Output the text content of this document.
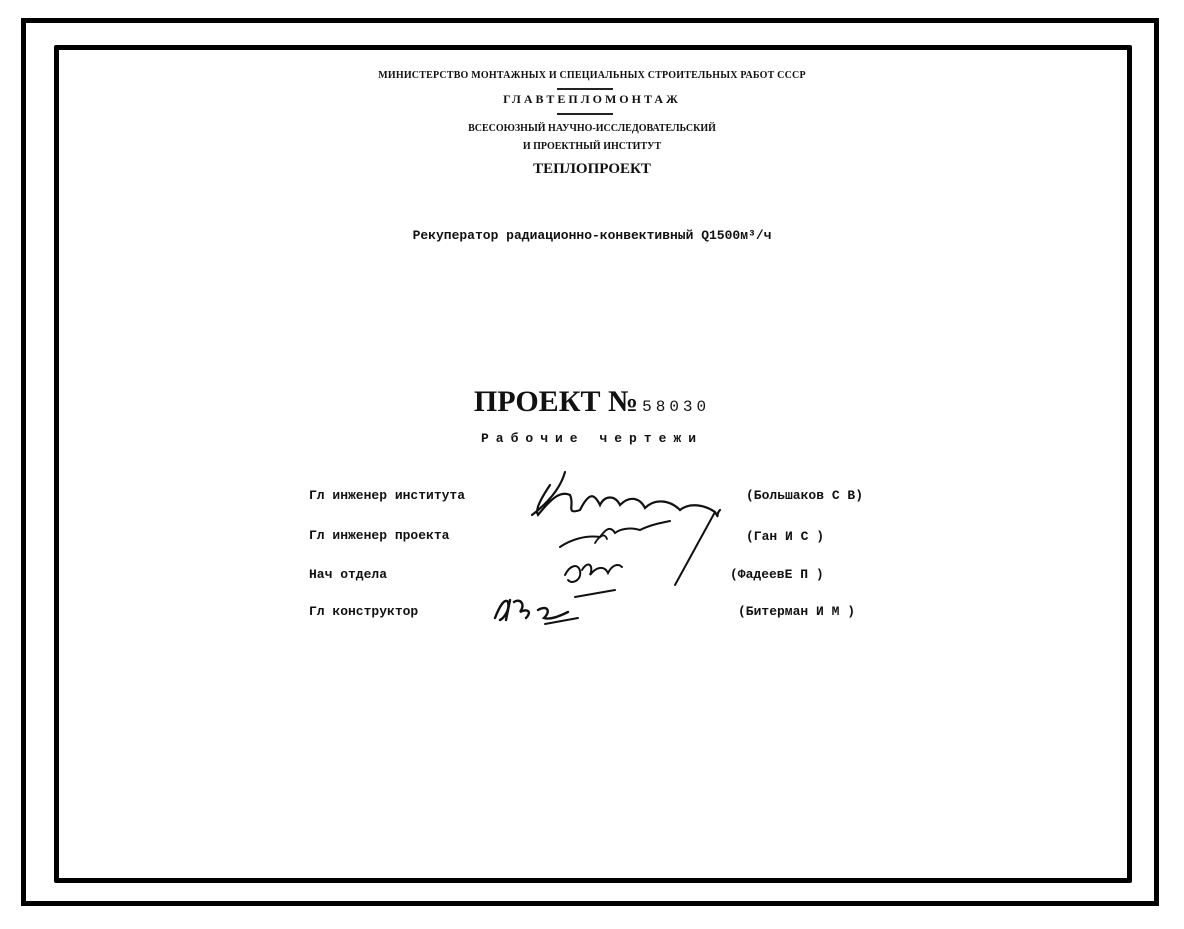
МИНИСТЕРСТВО МОНТАЖНЫХ И СПЕЦИАЛЬНЫХ СТРОИТЕЛЬНЫХ РАБОТ СССР
ГЛАВТЕПЛОМОНТАЖ
ВСЕСОЮЗНЫЙ НАУЧНО-ИССЛЕДОВАТЕЛЬСКИЙ
И ПРОЕКТНЫЙ ИНСТИТУТ
ТЕПЛОПРОЕКТ
Рекуператор радиационно-конвективный Q1500м³/ч
ПРОЕКТ № 58030
Рабочие чертежи
Гл инженер института	(Большаков С В)
Гл инженер проекта	(Ган И С )
Нач отдела	(ФадеевЕ П )
Гл конструктор	(Битерман И М )
